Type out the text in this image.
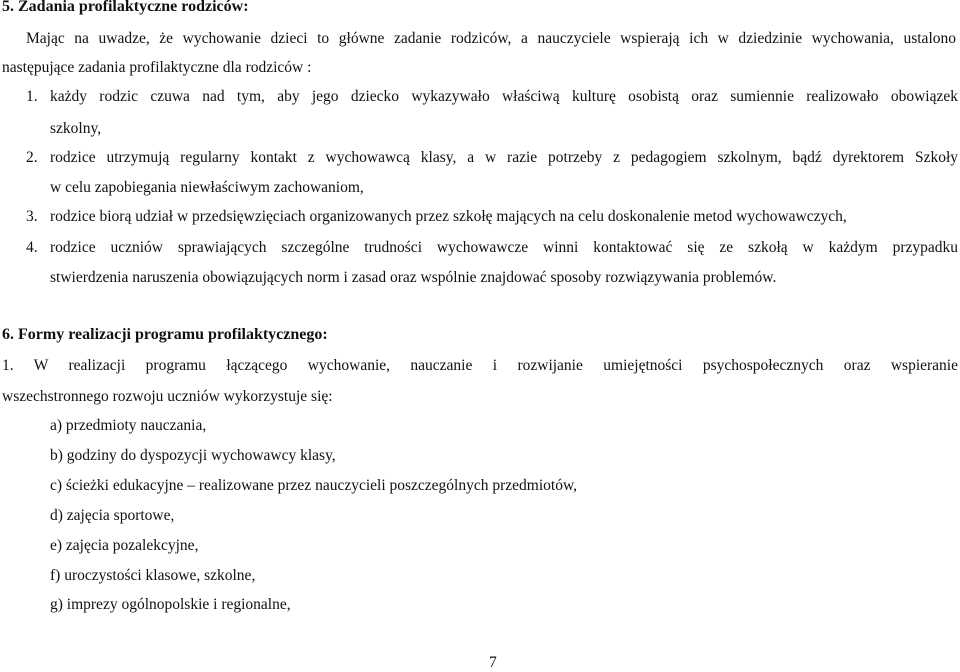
5. Zadania profilaktyczne rodziców:
Mając na uwadze, że wychowanie dzieci to główne zadanie rodziców, a nauczyciele wspierają ich w dziedzinie wychowania, ustalono
następujące zadania profilaktyczne dla rodziców :
1. każdy rodzic czuwa nad tym, aby jego dziecko wykazywało właściwą kulturę osobistą oraz sumiennie realizowało obowiązek
szkolny,
2. rodzice utrzymują regularny kontakt z wychowawcą klasy, a w razie potrzeby z pedagogiem szkolnym, bądź dyrektorem Szkoły
w celu zapobiegania niewłaściwym zachowaniom,
3. rodzice biorą udział w przedsięwzięciach organizowanych przez szkołę mających na celu doskonalenie metod wychowawczych,
4. rodzice uczniów sprawiających szczególne trudności wychowawcze winni kontaktować się ze szkołą w każdym przypadku
stwierdzenia naruszenia obowiązujących norm i zasad oraz wspólnie znajdować sposoby rozwiązywania problemów.
6. Formy realizacji programu profilaktycznego:
1. W realizacji programu łączącego wychowanie, nauczanie i rozwijanie umiejętności psychospołecznych oraz wspieranie
wszechstronnego rozwoju uczniów wykorzystuje się:
a) przedmioty nauczania,
b) godziny do dyspozycji wychowawcy klasy,
c) ścieżki edukacyjne – realizowane przez nauczycieli poszczególnych przedmiotów,
d) zajęcia sportowe,
e) zajęcia pozalekcyjne,
f) uroczystości klasowe, szkolne,
g) imprezy ogólnopolskie i regionalne,
7
